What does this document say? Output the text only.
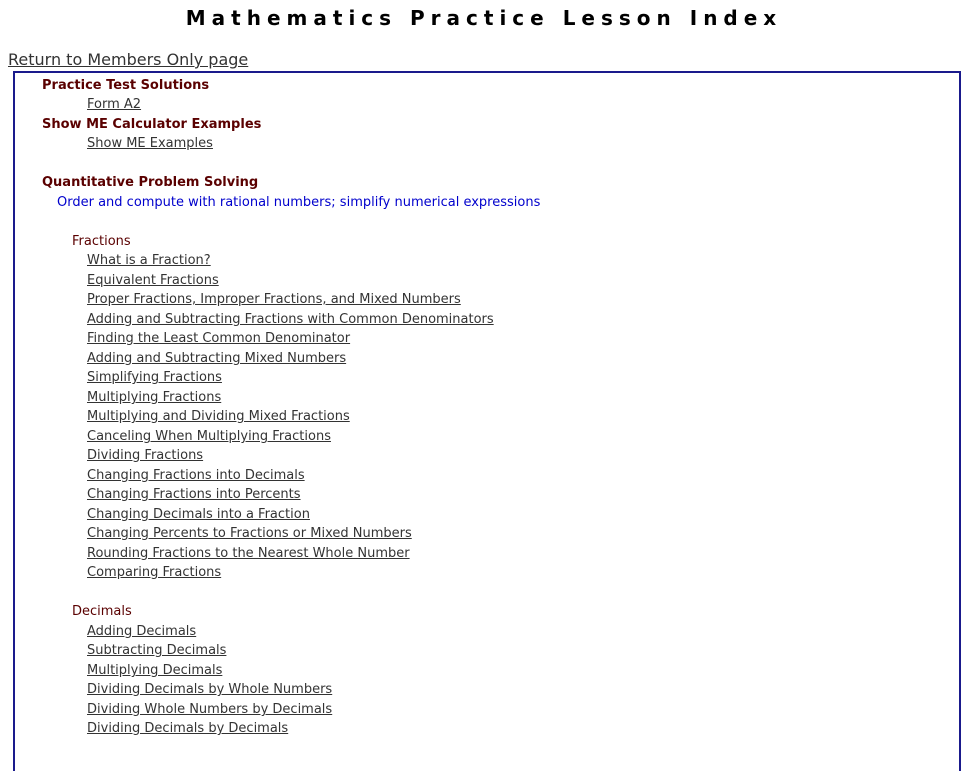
Mathematics Practice Lesson Index
Return to Members Only page
Practice Test Solutions
Form A2
Show ME Calculator Examples
Show ME Examples
Quantitative Problem Solving
Order and compute with rational numbers; simplify numerical expressions
Fractions
What is a Fraction?
Equivalent Fractions
Proper Fractions, Improper Fractions, and Mixed Numbers
Adding and Subtracting Fractions with Common Denominators
Finding the Least Common Denominator
Adding and Subtracting Mixed Numbers
Simplifying Fractions
Multiplying Fractions
Multiplying and Dividing Mixed Fractions
Canceling When Multiplying Fractions
Dividing Fractions
Changing Fractions into Decimals
Changing Fractions into Percents
Changing Decimals into a Fraction
Changing Percents to Fractions or Mixed Numbers
Rounding Fractions to the Nearest Whole Number
Comparing Fractions
Decimals
Adding Decimals
Subtracting Decimals
Multiplying Decimals
Dividing Decimals by Whole Numbers
Dividing Whole Numbers by Decimals
Dividing Decimals by Decimals
